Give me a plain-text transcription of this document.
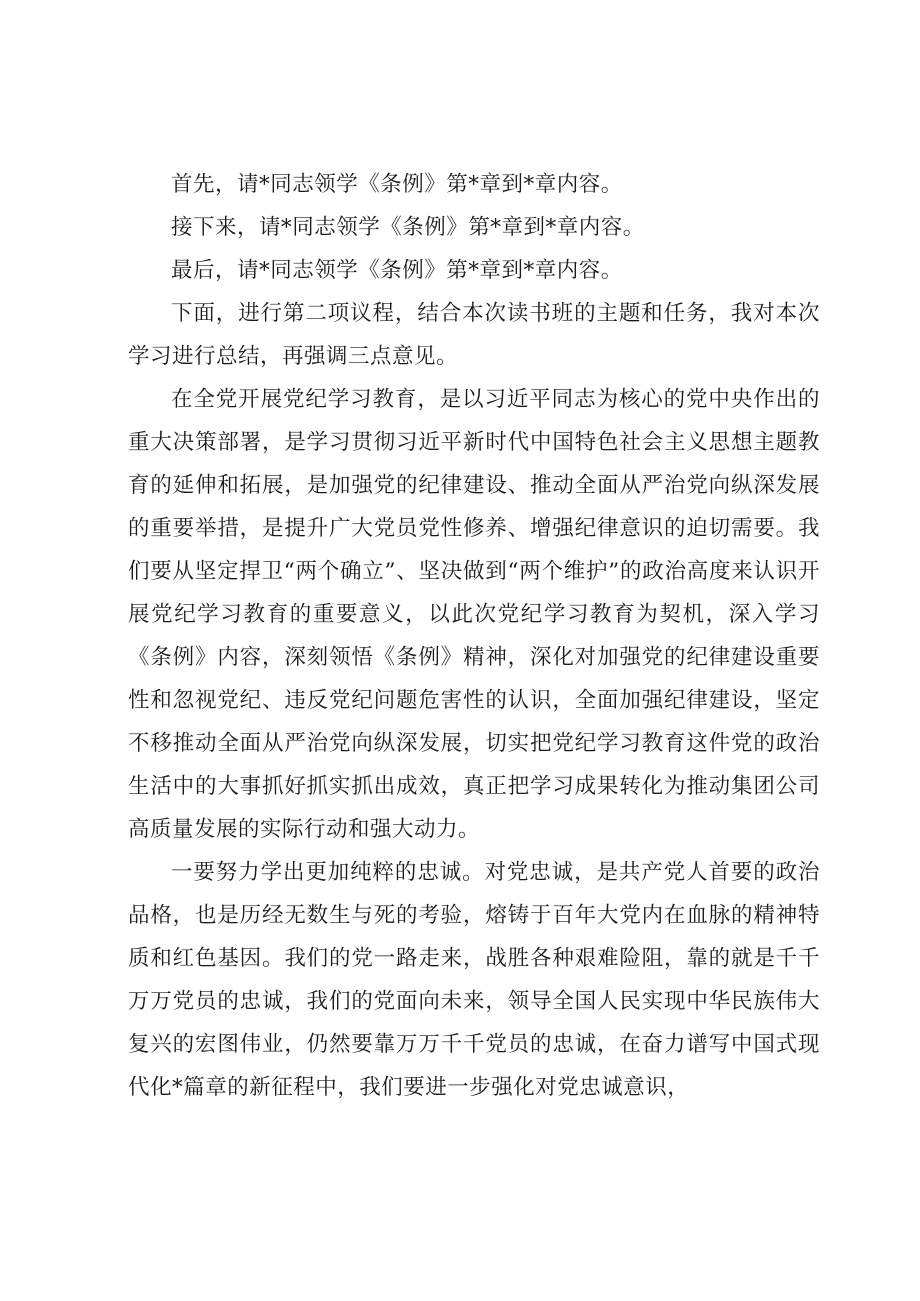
首先，请*同志领学《条例》第*章到*章内容。

接下来，请*同志领学《条例》第*章到*章内容。

最后，请*同志领学《条例》第*章到*章内容。

下面，进行第二项议程，结合本次读书班的主题和任务，我对本次学习进行总结，再强调三点意见。

在全党开展党纪学习教育，是以习近平同志为核心的党中央作出的重大决策部署，是学习贯彻习近平新时代中国特色社会主义思想主题教育的延伸和拓展，是加强党的纪律建设、推动全面从严治党向纵深发展的重要举措，是提升广大党员党性修养、增强纪律意识的迫切需要。我们要从坚定捍卫“两个确立”、坚决做到“两个维护”的政治高度来认识开展党纪学习教育的重要意义，以此次党纪学习教育为契机，深入学习《条例》内容，深刻领悟《条例》精神，深化对加强党的纪律建设重要性和忽视党纪、违反党纪问题危害性的认识，全面加强纪律建设，坚定不移推动全面从严治党向纵深发展，切实把党纪学习教育这件党的政治生活中的大事抓好抓实抓出成效，真正把学习成果转化为推动集团公司高质量发展的实际行动和强大动力。

一要努力学出更加纯粹的忠诚。对党忠诚，是共产党人首要的政治品格，也是历经无数生与死的考验，熔铸于百年大党内在血脉的精神特质和红色基因。我们的党一路走来，战胜各种艰难险阻，靠的就是千千万万党员的忠诚，我们的党面向未来，领导全国人民实现中华民族伟大复兴的宏图伟业，仍然要靠万万千千党员的忠诚，在奋力谱写中国式现代化*篇章的新征程中，我们要进一步强化对党忠诚意识，
